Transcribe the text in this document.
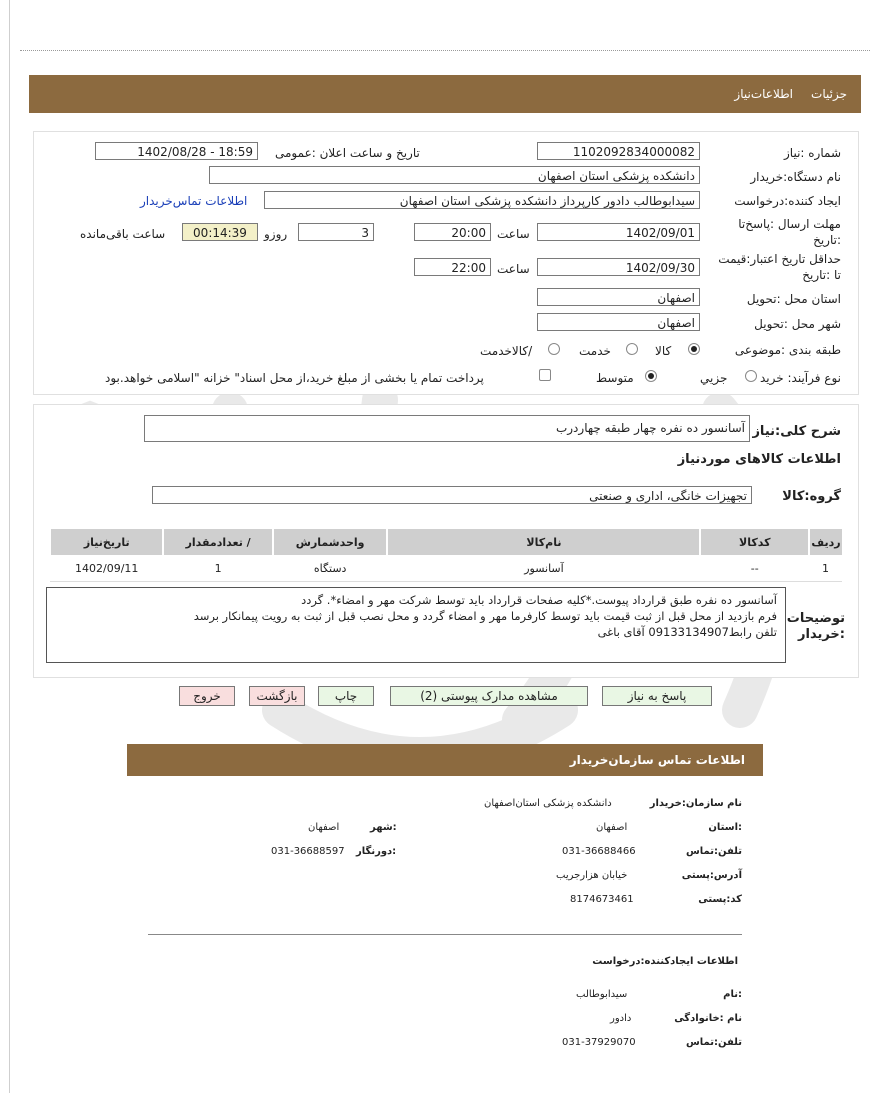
جزئیات
اطلاعات‌نیاز
شماره :نیاز
1102092834000082
تاریخ و ساعت اعلان :عمومی
1402/08/28 - 18:59
نام دستگاه:خریدار
دانشکده پزشکی استان اصفهان
ایجاد کننده:درخواست
سیدابوطالب دادور کارپرداز دانشکده پزشکی استان اصفهان
اطلاعات تماس‌خریدار
مهلت ارسال :پاسخ‌تا :تاریخ
1402/09/01
ساعت
20:00
3
روزو
00:14:39
ساعت باقی‌مانده
حداقل تاریخ اعتبار:قیمت تا :تاریخ
1402/09/30
ساعت
22:00
استان محل :تحویل
اصفهان
شهر محل :تحویل
اصفهان
طبقه بندی :موضوعی
کالا
خدمت
/کالاخدمت
نوع فرآیند: خرید
جزیي
متوسط
پرداخت تمام یا بخشی از مبلغ خرید،از محل اسناد" خزانه "اسلامی خواهد.بود
شرح کلی:نیاز
آسانسور ده نفره چهار طبقه چهاردرب
اطلاعات کالاهای موردنیاز
گروه:کالا
تجهیزات خانگی، اداری و صنعتی
ردیف	کدکالا	نام‌کالا	واحدشمارش	/ تعدادمقدار	تاریخ‌نیاز
1	--	آسانسور	دستگاه	1	1402/09/11
توضیحات :خریدار
آسانسور ده نفره طبق قرارداد پیوست.*کلیه صفحات قرارداد باید توسط شرکت مهر و امضاء*. گردد
فرم بازدید از محل قبل از ثبت قیمت باید توسط کارفرما مهر و امضاء گردد و محل نصب قبل از ثبت به رویت پیمانکار برسد
تلفن رابط09133134907 آقای باغی
پاسخ به نیاز
مشاهده مدارک پیوستی (2)
چاپ
بازگشت
خروج
اطلاعات تماس سازمان‌خریدار
نام سازمان:خریدار
دانشکده پزشکی استان‌اصفهان
:استان
اصفهان
:شهر
اصفهان
تلفن:تماس
031-36688466
:دورنگار
031-36688597
آدرس:پستی
خیابان هزارجریب
کد:پستی
8174673461
اطلاعات ایجادکننده:درخواست
:نام
سیدابوطالب
نام :خانوادگی
دادور
تلفن:تماس
031-37929070
